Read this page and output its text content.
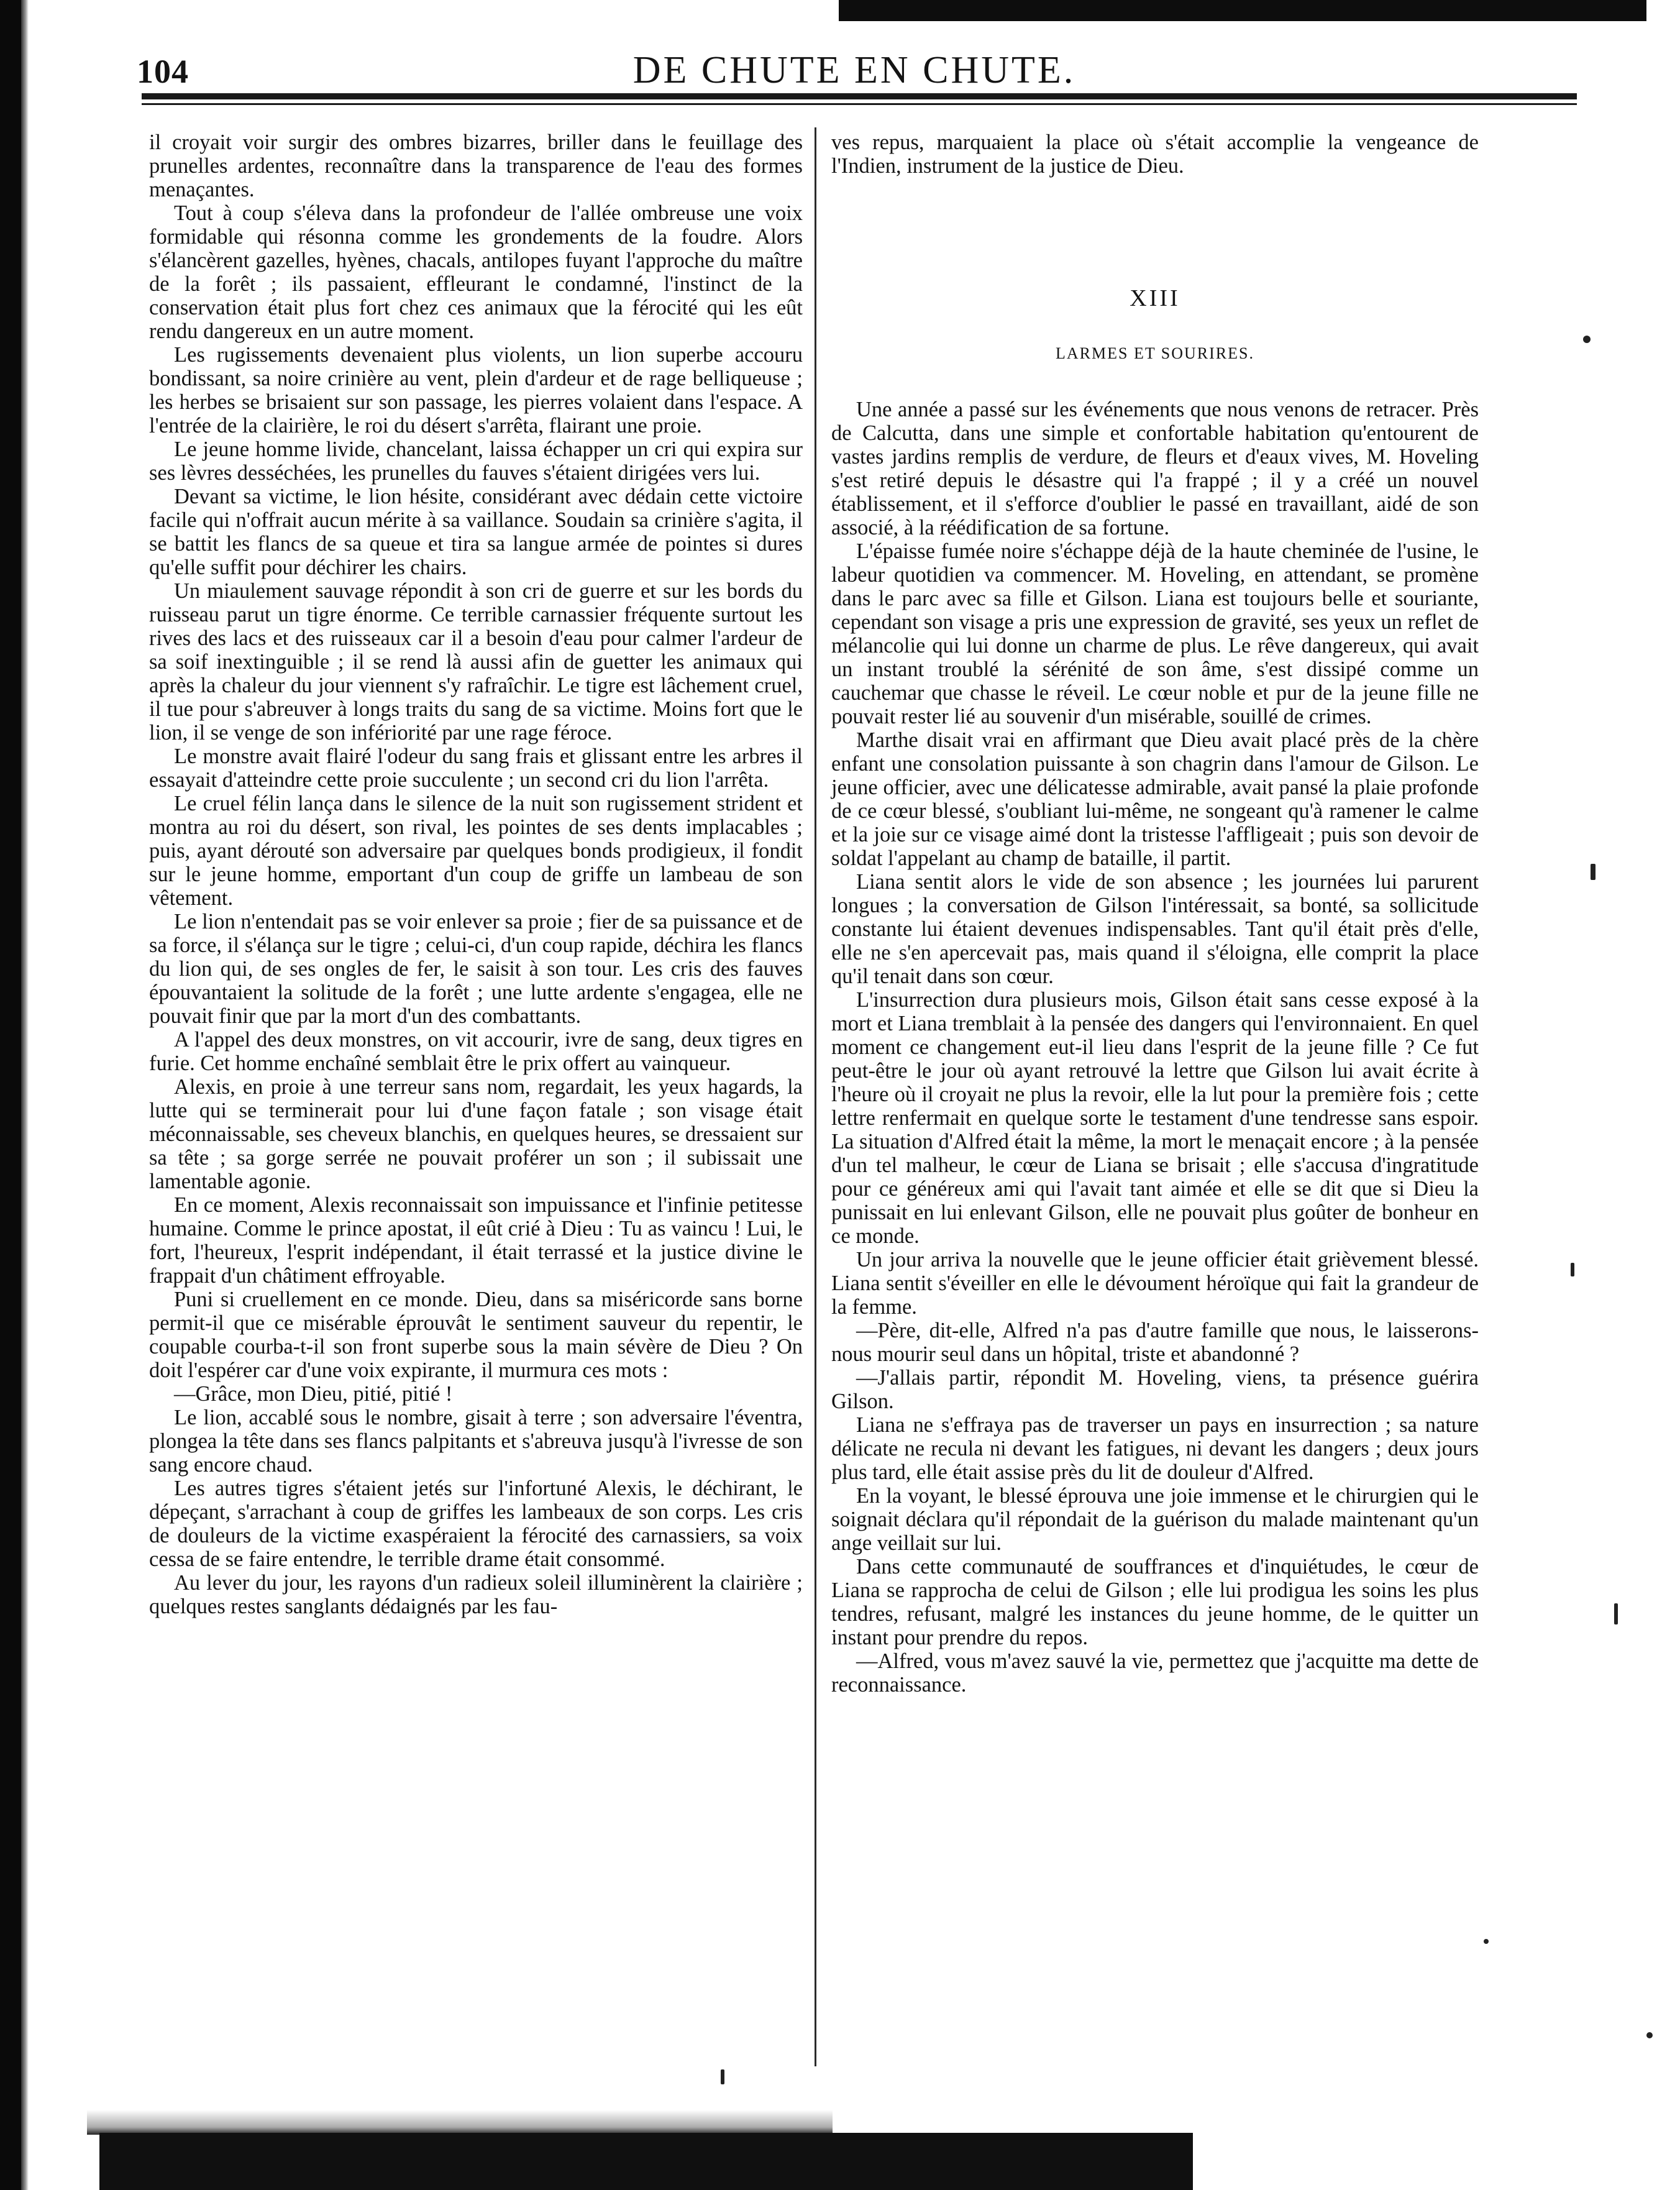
104	DE CHUTE EN CHUTE.

il croyait voir surgir des ombres bizarres, briller dans le feuillage des prunelles ardentes, reconnaître dans la transparence de l'eau des formes menaçantes.

Tout à coup s'éleva dans la profondeur de l'allée ombreuse une voix formidable qui résonna comme les grondements de la foudre. Alors s'élancèrent gazelles, hyènes, chacals, antilopes fuyant l'approche du maître de la forêt ; ils passaient, effleurant le condamné, l'instinct de la conservation était plus fort chez ces animaux que la férocité qui les eût rendu dangereux en un autre moment.

Les rugissements devenaient plus violents, un lion superbe accouru bondissant, sa noire crinière au vent, plein d'ardeur et de rage belliqueuse ; les herbes se brisaient sur son passage, les pierres volaient dans l'espace. A l'entrée de la clairière, le roi du désert s'arrêta, flairant une proie.

Le jeune homme livide, chancelant, laissa échapper un cri qui expira sur ses lèvres desséchées, les prunelles du fauves s'étaient dirigées vers lui.

Devant sa victime, le lion hésite, considérant avec dédain cette victoire facile qui n'offrait aucun mérite à sa vaillance. Soudain sa crinière s'agita, il se battit les flancs de sa queue et tira sa langue armée de pointes si dures qu'elle suffit pour déchirer les chairs.

Un miaulement sauvage répondit à son cri de guerre et sur les bords du ruisseau parut un tigre énorme. Ce terrible carnassier fréquente surtout les rives des lacs et des ruisseaux car il a besoin d'eau pour calmer l'ardeur de sa soif inextinguible ; il se rend là aussi afin de guetter les animaux qui après la chaleur du jour viennent s'y rafraîchir. Le tigre est lâchement cruel, il tue pour s'abreuver à longs traits du sang de sa victime. Moins fort que le lion, il se venge de son infériorité par une rage féroce.

Le monstre avait flairé l'odeur du sang frais et glissant entre les arbres il essayait d'atteindre cette proie succulente ; un second cri du lion l'arrêta.

Le cruel félin lança dans le silence de la nuit son rugissement strident et montra au roi du désert, son rival, les pointes de ses dents implacables ; puis, ayant dérouté son adversaire par quelques bonds prodigieux, il fondit sur le jeune homme, emportant d'un coup de griffe un lambeau de son vêtement.

Le lion n'entendait pas se voir enlever sa proie ; fier de sa puissance et de sa force, il s'élança sur le tigre ; celui-ci, d'un coup rapide, déchira les flancs du lion qui, de ses ongles de fer, le saisit à son tour. Les cris des fauves épouvantaient la solitude de la forêt ; une lutte ardente s'engagea, elle ne pouvait finir que par la mort d'un des combattants.

A l'appel des deux monstres, on vit accourir, ivre de sang, deux tigres en furie. Cet homme enchaîné semblait être le prix offert au vainqueur.

Alexis, en proie à une terreur sans nom, regardait, les yeux hagards, la lutte qui se terminerait pour lui d'une façon fatale ; son visage était méconnaissable, ses cheveux blanchis, en quelques heures, se dressaient sur sa tête ; sa gorge serrée ne pouvait proférer un son ; il subissait une lamentable agonie.

En ce moment, Alexis reconnaissait son impuissance et l'infinie petitesse humaine. Comme le prince apostat, il eût crié à Dieu : Tu as vaincu ! Lui, le fort, l'heureux, l'esprit indépendant, il était terrassé et la justice divine le frappait d'un châtiment effroyable.

Puni si cruellement en ce monde. Dieu, dans sa miséricorde sans borne permit-il que ce misérable éprouvât le sentiment sauveur du repentir, le coupable courba-t-il son front superbe sous la main sévère de Dieu ? On doit l'espérer car d'une voix expirante, il murmura ces mots :

—Grâce, mon Dieu, pitié, pitié !

Le lion, accablé sous le nombre, gisait à terre ; son adversaire l'éventra, plongea la tête dans ses flancs palpitants et s'abreuva jusqu'à l'ivresse de son sang encore chaud.

Les autres tigres s'étaient jetés sur l'infortuné Alexis, le déchirant, le dépeçant, s'arrachant à coup de griffes les lambeaux de son corps. Les cris de douleurs de la victime exaspéraient la férocité des carnassiers, sa voix cessa de se faire entendre, le terrible drame était consommé.

Au lever du jour, les rayons d'un radieux soleil illuminèrent la clairière ; quelques restes sanglants dédaignés par les fau-

ves repus, marquaient la place où s'était accomplie la vengeance de l'Indien, instrument de la justice de Dieu.

XIII
LARMES ET SOURIRES.

Une année a passé sur les événements que nous venons de retracer. Près de Calcutta, dans une simple et confortable habitation qu'entourent de vastes jardins remplis de verdure, de fleurs et d'eaux vives, M. Hoveling s'est retiré depuis le désastre qui l'a frappé ; il y a créé un nouvel établissement, et il s'efforce d'oublier le passé en travaillant, aidé de son associé, à la réédification de sa fortune.

L'épaisse fumée noire s'échappe déjà de la haute cheminée de l'usine, le labeur quotidien va commencer. M. Hoveling, en attendant, se promène dans le parc avec sa fille et Gilson. Liana est toujours belle et souriante, cependant son visage a pris une expression de gravité, ses yeux un reflet de mélancolie qui lui donne un charme de plus. Le rêve dangereux, qui avait un instant troublé la sérénité de son âme, s'est dissipé comme un cauchemar que chasse le réveil. Le cœur noble et pur de la jeune fille ne pouvait rester lié au souvenir d'un misérable, souillé de crimes.

Marthe disait vrai en affirmant que Dieu avait placé près de la chère enfant une consolation puissante à son chagrin dans l'amour de Gilson. Le jeune officier, avec une délicatesse admirable, avait pansé la plaie profonde de ce cœur blessé, s'oubliant lui-même, ne songeant qu'à ramener le calme et la joie sur ce visage aimé dont la tristesse l'affligeait ; puis son devoir de soldat l'appelant au champ de bataille, il partit.

Liana sentit alors le vide de son absence ; les journées lui parurent longues ; la conversation de Gilson l'intéressait, sa bonté, sa sollicitude constante lui étaient devenues indispensables. Tant qu'il était près d'elle, elle ne s'en apercevait pas, mais quand il s'éloigna, elle comprit la place qu'il tenait dans son cœur.

L'insurrection dura plusieurs mois, Gilson était sans cesse exposé à la mort et Liana tremblait à la pensée des dangers qui l'environnaient. En quel moment ce changement eut-il lieu dans l'esprit de la jeune fille ? Ce fut peut-être le jour où ayant retrouvé la lettre que Gilson lui avait écrite à l'heure où il croyait ne plus la revoir, elle la lut pour la première fois ; cette lettre renfermait en quelque sorte le testament d'une tendresse sans espoir. La situation d'Alfred était la même, la mort le menaçait encore ; à la pensée d'un tel malheur, le cœur de Liana se brisait ; elle s'accusa d'ingratitude pour ce généreux ami qui l'avait tant aimée et elle se dit que si Dieu la punissait en lui enlevant Gilson, elle ne pouvait plus goûter de bonheur en ce monde.

Un jour arriva la nouvelle que le jeune officier était grièvement blessé. Liana sentit s'éveiller en elle le dévoument héroïque qui fait la grandeur de la femme.

—Père, dit-elle, Alfred n'a pas d'autre famille que nous, le laisserons-nous mourir seul dans un hôpital, triste et abandonné ?

—J'allais partir, répondit M. Hoveling, viens, ta présence guérira Gilson.

Liana ne s'effraya pas de traverser un pays en insurrection ; sa nature délicate ne recula ni devant les fatigues, ni devant les dangers ; deux jours plus tard, elle était assise près du lit de douleur d'Alfred.

En la voyant, le blessé éprouva une joie immense et le chirurgien qui le soignait déclara qu'il répondait de la guérison du malade maintenant qu'un ange veillait sur lui.

Dans cette communauté de souffrances et d'inquiétudes, le cœur de Liana se rapprocha de celui de Gilson ; elle lui prodigua les soins les plus tendres, refusant, malgré les instances du jeune homme, de le quitter un instant pour prendre du repos.

—Alfred, vous m'avez sauvé la vie, permettez que j'acquitte ma dette de reconnaissance.
